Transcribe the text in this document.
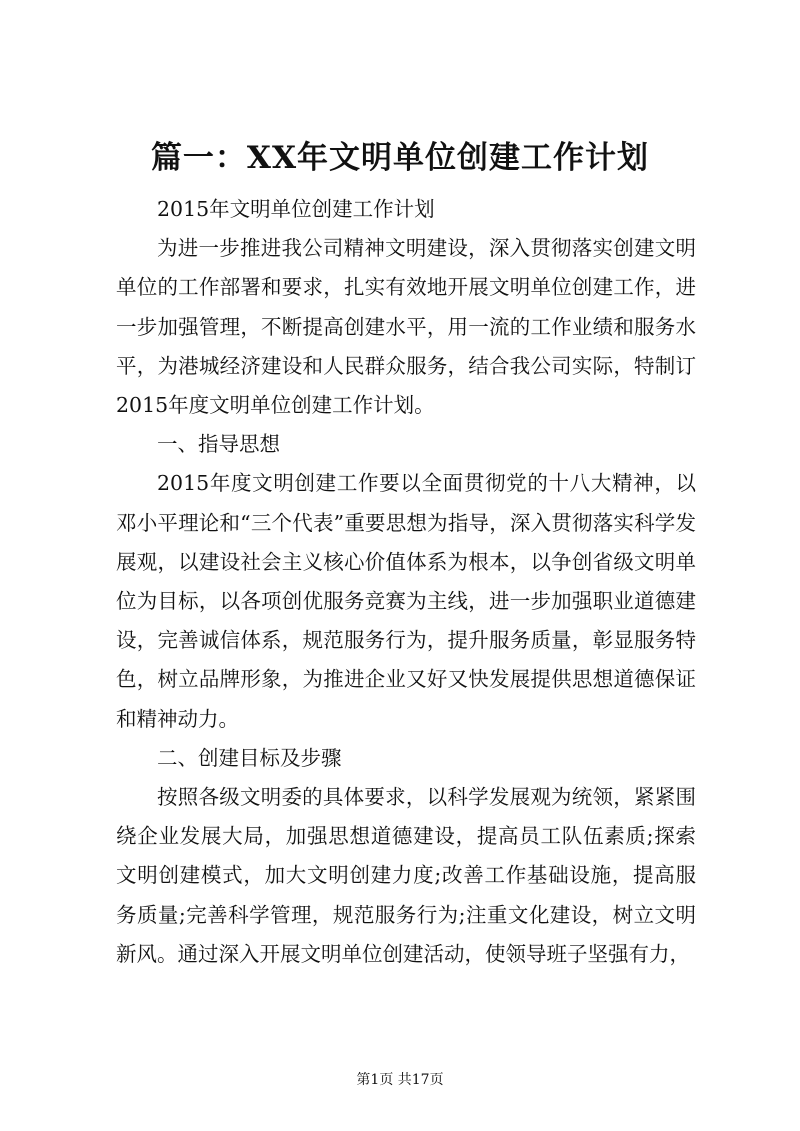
篇一：XX年文明单位创建工作计划

2015年文明单位创建工作计划

为进一步推进我公司精神文明建设，深入贯彻落实创建文明单位的工作部署和要求，扎实有效地开展文明单位创建工作，进一步加强管理，不断提高创建水平，用一流的工作业绩和服务水平，为港城经济建设和人民群众服务，结合我公司实际，特制订2015年度文明单位创建工作计划。

一、指导思想

2015年度文明创建工作要以全面贯彻党的十八大精神，以邓小平理论和“三个代表”重要思想为指导，深入贯彻落实科学发展观，以建设社会主义核心价值体系为根本，以争创省级文明单位为目标，以各项创优服务竞赛为主线，进一步加强职业道德建设，完善诚信体系，规范服务行为，提升服务质量，彰显服务特色，树立品牌形象，为推进企业又好又快发展提供思想道德保证和精神动力。

二、创建目标及步骤

按照各级文明委的具体要求，以科学发展观为统领，紧紧围绕企业发展大局，加强思想道德建设，提高员工队伍素质;探索文明创建模式，加大文明创建力度;改善工作基础设施，提高服务质量;完善科学管理，规范服务行为;注重文化建设，树立文明新风。通过深入开展文明单位创建活动，使领导班子坚强有力，

第1页 共17页
